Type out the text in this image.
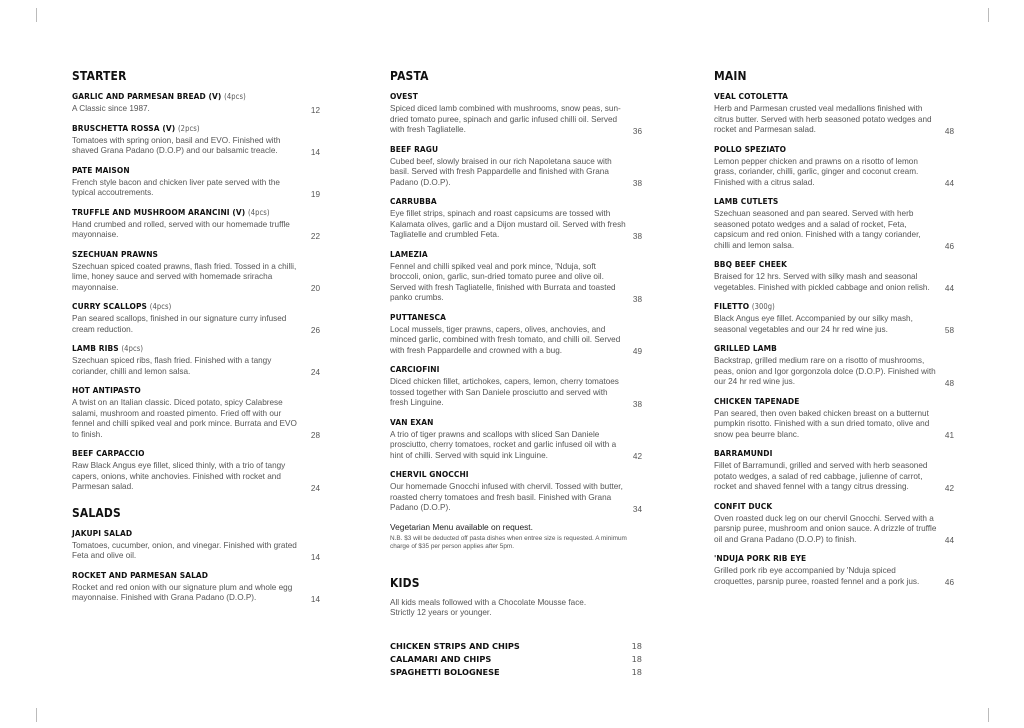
STARTER
GARLIC AND PARMESAN BREAD (V) (4pcs)
A Classic since 1987.	12
BRUSCHETTA ROSSA (V) (2pcs)
Tomatoes with spring onion, basil and EVO. Finished with shaved Grana Padano (D.O.P) and our balsamic treacle.	14
PATE MAISON
French style bacon and chicken liver pate served with the typical accoutrements.	19
TRUFFLE AND MUSHROOM ARANCINI (V) (4pcs)
Hand crumbed and rolled, served with our homemade truffle mayonnaise.	22
SZECHUAN PRAWNS
Szechuan spiced coated prawns, flash fried. Tossed in a chilli, lime, honey sauce and served with homemade sriracha mayonnaise.	20
CURRY SCALLOPS (4pcs)
Pan seared scallops, finished in our signature curry infused cream reduction.	26
LAMB RIBS (4pcs)
Szechuan spiced ribs, flash fried. Finished with a tangy coriander, chilli and lemon salsa.	24
HOT ANTIPASTO
A twist on an Italian classic. Diced potato, spicy Calabrese salami, mushroom and roasted pimento. Fried off with our fennel and chilli spiked veal and pork mince. Burrata and EVO to finish.	28
BEEF CARPACCIO
Raw Black Angus eye fillet, sliced thinly, with a trio of tangy capers, onions, white anchovies. Finished with rocket and Parmesan salad.	24
SALADS
JAKUPI SALAD
Tomatoes, cucumber, onion, and vinegar. Finished with grated Feta and olive oil.	14
ROCKET AND PARMESAN SALAD
Rocket and red onion with our signature plum and whole egg mayonnaise. Finished with Grana Padano (D.O.P).	14
PASTA
OVEST
Spiced diced lamb combined with mushrooms, snow peas, sun-dried tomato puree, spinach and garlic infused chilli oil. Served with fresh Tagliatelle.	36
BEEF RAGU
Cubed beef, slowly braised in our rich Napoletana sauce with basil. Served with fresh Pappardelle and finished with Grana Padano (D.O.P).	38
CARRUBBA
Eye fillet strips, spinach and roast capsicums are tossed with Kalamata olives, garlic and a Dijon mustard oil. Served with fresh Tagliatelle and crumbled Feta.	38
LAMEZIA
Fennel and chilli spiked veal and pork mince, 'Nduja, soft broccoli, onion, garlic, sun-dried tomato puree and olive oil. Served with fresh Tagliatelle, finished with Burrata and toasted panko crumbs.	38
PUTTANESCA
Local mussels, tiger prawns, capers, olives, anchovies, and minced garlic, combined with fresh tomato, and chilli oil. Served with fresh Pappardelle and crowned with a bug.	49
CARCIOFINI
Diced chicken fillet, artichokes, capers, lemon, cherry tomatoes tossed together with San Daniele prosciutto and served with fresh Linguine.	38
VAN EXAN
A trio of tiger prawns and scallops with sliced San Daniele prosciutto, cherry tomatoes, rocket and garlic infused oil with a hint of chilli. Served with squid ink Linguine.	42
CHERVIL GNOCCHI
Our homemade Gnocchi infused with chervil. Tossed with butter, roasted cherry tomatoes and fresh basil. Finished with Grana Padano (D.O.P).	34
Vegetarian Menu available on request.
N.B. $3 will be deducted off pasta dishes when entree size is requested. A minimum charge of $35 per person applies after 5pm.
KIDS
All kids meals followed with a Chocolate Mousse face. Strictly 12 years or younger.
CHICKEN STRIPS AND CHIPS	18
CALAMARI AND CHIPS	18
SPAGHETTI BOLOGNESE	18
MAIN
VEAL COTOLETTA
Herb and Parmesan crusted veal medallions finished with citrus butter. Served with herb seasoned potato wedges and rocket and Parmesan salad.	48
POLLO SPEZIATO
Lemon pepper chicken and prawns on a risotto of lemon grass, coriander, chilli, garlic, ginger and coconut cream. Finished with a citrus salad.	44
LAMB CUTLETS
Szechuan seasoned and pan seared. Served with herb seasoned potato wedges and a salad of rocket, Feta, capsicum and red onion. Finished with a tangy coriander, chilli and lemon salsa.	46
BBQ BEEF CHEEK
Braised for 12 hrs. Served with silky mash and seasonal vegetables. Finished with pickled cabbage and onion relish.	44
FILETTO (300g)
Black Angus eye fillet. Accompanied by our silky mash, seasonal vegetables and our 24 hr red wine jus.	58
GRILLED LAMB
Backstrap, grilled medium rare on a risotto of mushrooms, peas, onion and Igor gorgonzola dolce (D.O.P). Finished with our 24 hr red wine jus.	48
CHICKEN TAPENADE
Pan seared, then oven baked chicken breast on a butternut pumpkin risotto. Finished with a sun dried tomato, olive and snow pea beurre blanc.	41
BARRAMUNDI
Fillet of Barramundi, grilled and served with herb seasoned potato wedges, a salad of red cabbage, julienne of carrot, rocket and shaved fennel with a tangy citrus dressing.	42
CONFIT DUCK
Oven roasted duck leg on our chervil Gnocchi. Served with a parsnip puree, mushroom and onion sauce. A drizzle of truffle oil and Grana Padano (D.O.P) to finish.	44
'NDUJA PORK RIB EYE
Grilled pork rib eye accompanied by 'Nduja spiced croquettes, parsnip puree, roasted fennel and a pork jus.	46
